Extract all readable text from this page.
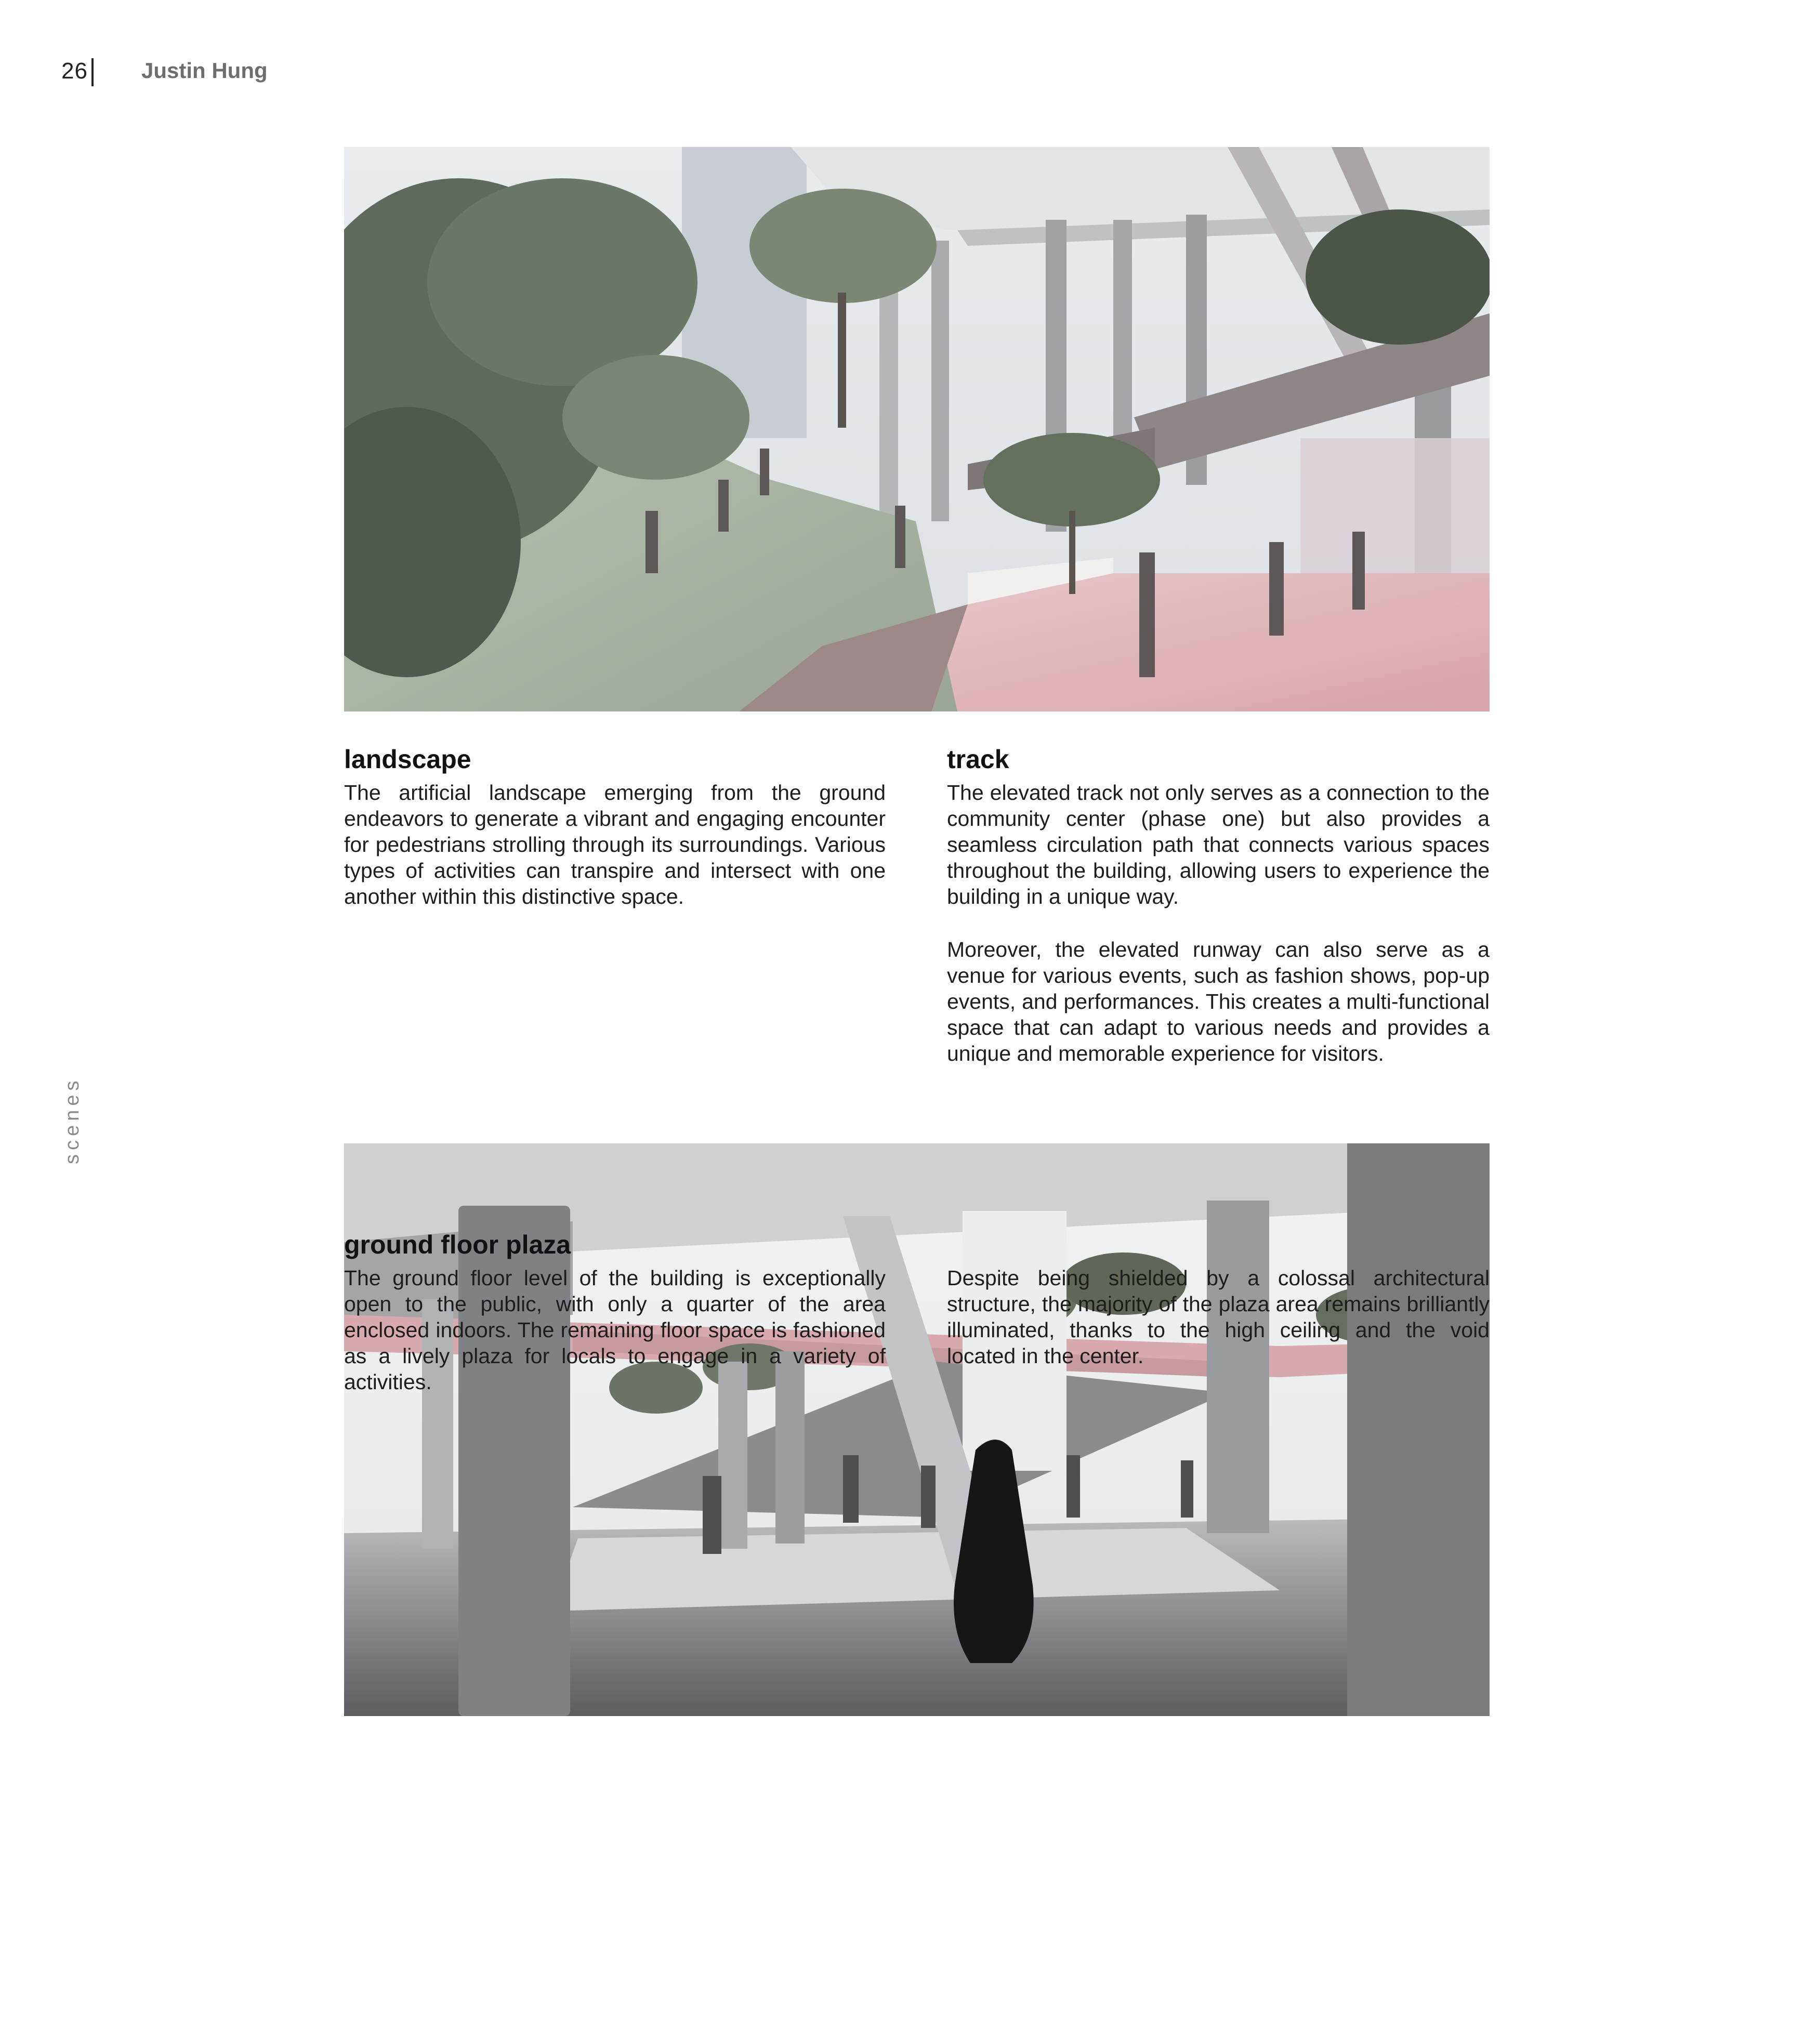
26 Justin Hung
scenes
landscape

The artificial landscape emerging from the ground endeavors to generate a vibrant and engaging encounter for pedestrians strolling through its surroundings. Various types of activities can transpire and intersect with one another within this distinctive space.

track

The elevated track not only serves as a connection to the community center (phase one) but also provides a seamless circulation path that connects various spaces throughout the building, allowing users to experience the building in a unique way.

Moreover, the elevated runway can also serve as a venue for various events, such as fashion shows, pop-up events, and performances. This creates a multi-functional space that can adapt to various needs and provides a unique and memorable experience for visitors.

ground floor plaza

The ground floor level of the building is exceptionally open to the public, with only a quarter of the area enclosed indoors. The remaining floor space is fashioned as a lively plaza for locals to engage in a variety of activities.

Despite being shielded by a colossal architectural structure, the majority of the plaza area remains brilliantly illuminated, thanks to the high ceiling and the void located in the center.
